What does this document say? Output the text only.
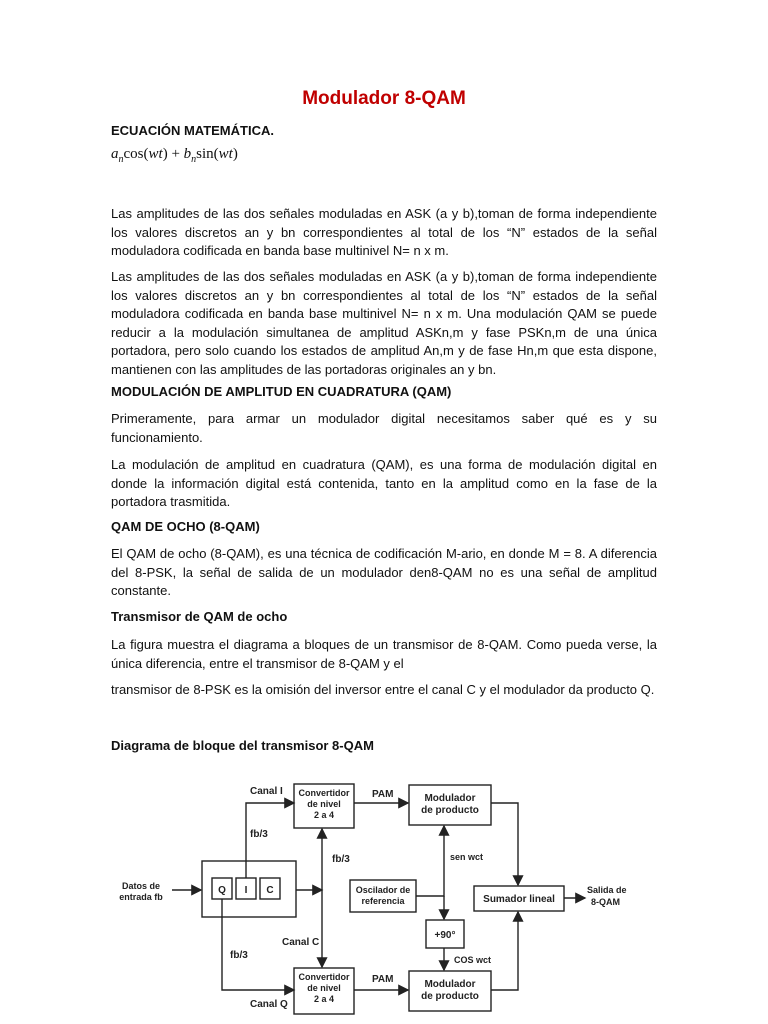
Modulador 8-QAM
ECUACIÓN MATEMÁTICA.
$a_n\cos(wt) + b_n\sin(wt)$
Las amplitudes de las dos señales moduladas en ASK (a y b),toman de forma independiente los valores discretos an y bn correspondientes al total de los “N” estados de la señal moduladora codificada en banda base multinivel N= n x m.
Las amplitudes de las dos señales moduladas en ASK (a y b),toman de forma independiente los valores discretos an y bn correspondientes al total de los “N” estados de la señal moduladora codificada en banda base multinivel N= n x m. Una modulación QAM se puede reducir a la modulación simultanea de amplitud ASKn,m y fase PSKn,m de una única portadora, pero solo cuando los estados de amplitud An,m y de fase Hn,m que esta dispone, mantienen con las amplitudes de las portadoras originales an y bn.
MODULACIÓN DE AMPLITUD EN CUADRATURA (QAM)
Primeramente, para armar un modulador digital necesitamos saber qué es y su funcionamiento.
La modulación de amplitud en cuadratura (QAM), es una forma de modulación digital en donde la información digital está contenida, tanto en la amplitud como en la fase de la portadora trasmitida.
QAM DE OCHO (8-QAM)
El QAM de ocho (8-QAM), es una técnica de codificación M-ario, en donde M = 8. A diferencia del 8-PSK, la señal de salida de un modulador den8-QAM no es una señal de amplitud constante.
Transmisor de QAM de ocho
La figura muestra el diagrama a bloques de un transmisor de 8-QAM. Como pueda verse, la única diferencia, entre el transmisor de 8-QAM y el
transmisor de 8-PSK es la omisión del inversor entre el canal C y el modulador da producto Q.
Diagrama de bloque del transmisor 8-QAM
Canal I
fb/3
fb/3
fb/3
Canal C
Canal Q
Convertidor
de nivel
2 a 4
Convertidor
de nivel
2 a 4
PAM
PAM
Modulador
de producto
Modulador
de producto
sen wct
COS wct
Oscilador de
referencia
+90°
Sumador lineal
Salida de
8-QAM
Datos de
entrada fb
Q I C
